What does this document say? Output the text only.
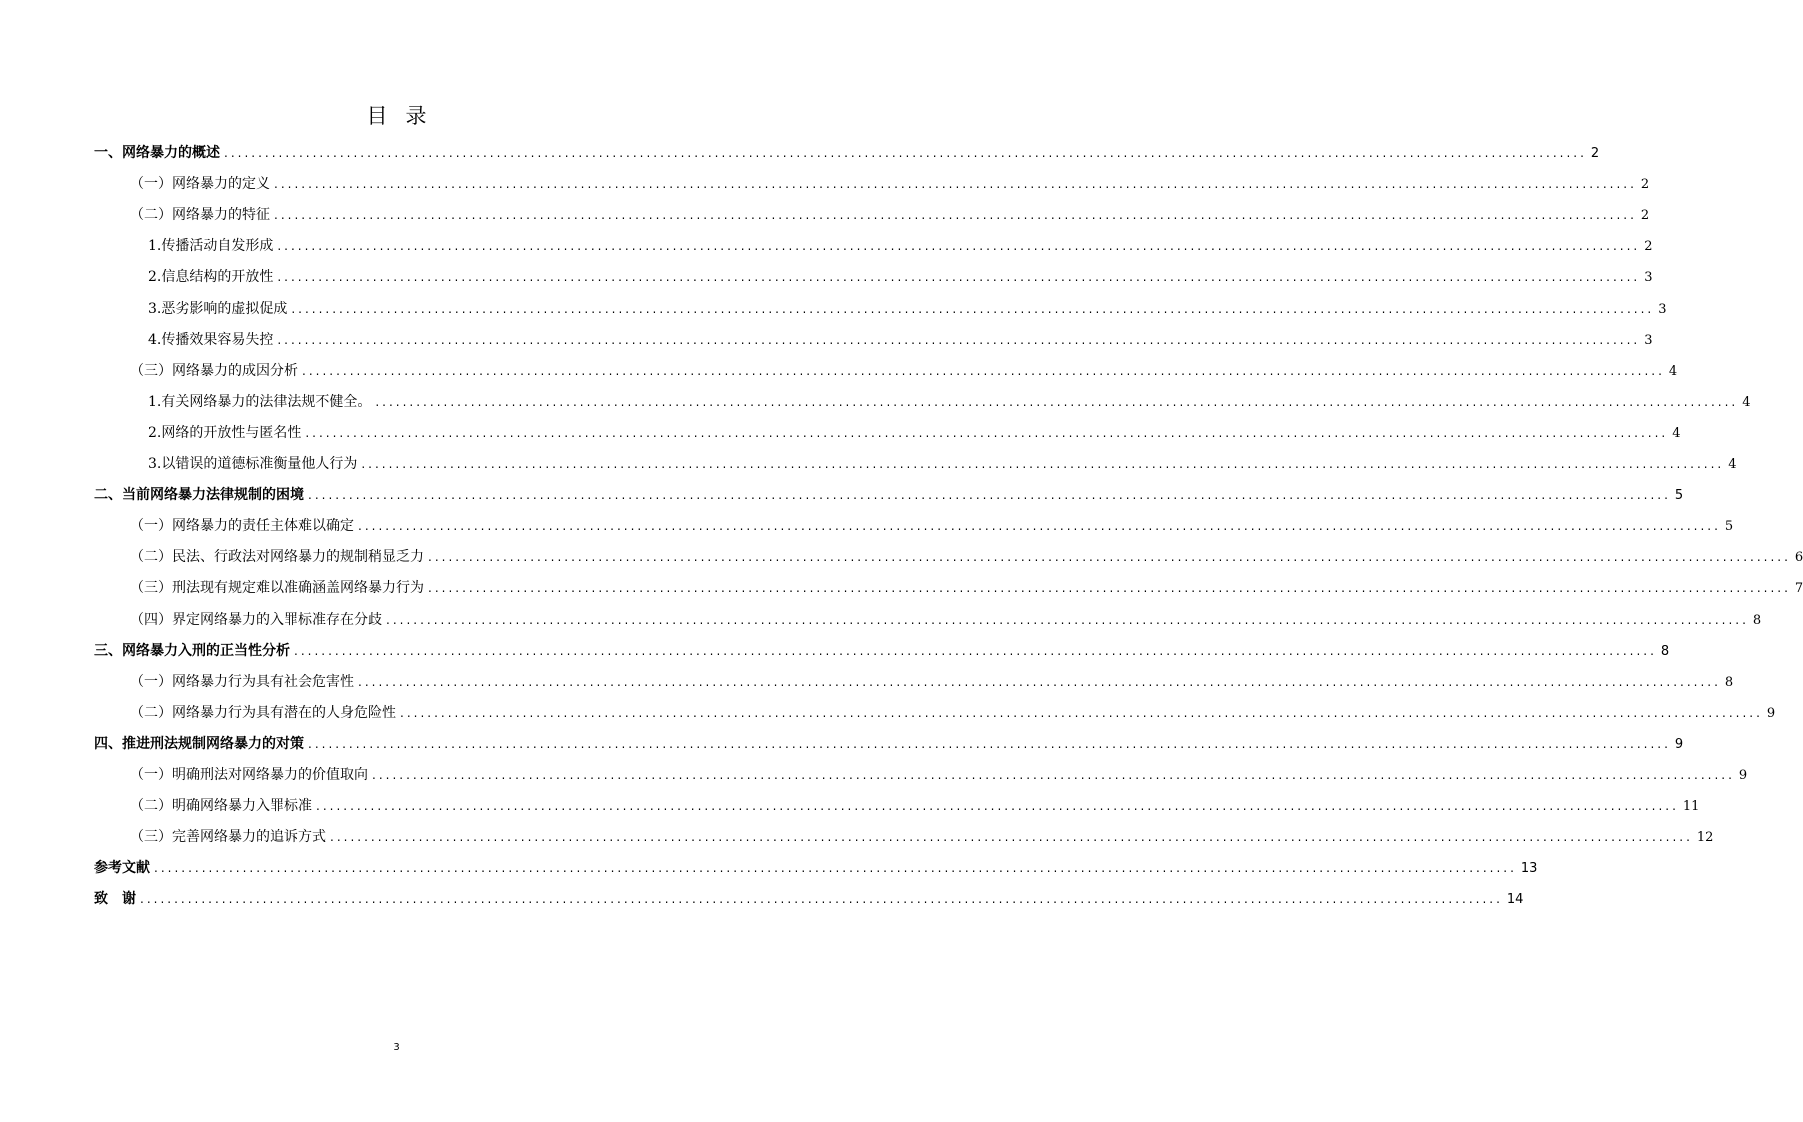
目 录
一、网络暴力的概述 ........................................................................................................................................................................................................ 2
（一）网络暴力的定义 ........................................................................................................................................................................................................ 2
（二）网络暴力的特征 ........................................................................................................................................................................................................ 2
1.传播活动自发形成 ........................................................................................................................................................................................................ 2
2.信息结构的开放性 ........................................................................................................................................................................................................ 3
3.恶劣影响的虚拟促成 ........................................................................................................................................................................................................ 3
4.传播效果容易失控 ........................................................................................................................................................................................................ 3
（三）网络暴力的成因分析 ........................................................................................................................................................................................................ 4
1.有关网络暴力的法律法规不健全。 ........................................................................................................................................................................................................ 4
2.网络的开放性与匿名性 ........................................................................................................................................................................................................ 4
3.以错误的道德标准衡量他人行为 ........................................................................................................................................................................................................ 4
二、当前网络暴力法律规制的困境 ........................................................................................................................................................................................................ 5
（一）网络暴力的责任主体难以确定 ........................................................................................................................................................................................................ 5
（二）民法、行政法对网络暴力的规制稍显乏力 ........................................................................................................................................................................................................ 6
（三）刑法现有规定难以准确涵盖网络暴力行为 ........................................................................................................................................................................................................ 7
（四）界定网络暴力的入罪标准存在分歧 ........................................................................................................................................................................................................ 8
三、网络暴力入刑的正当性分析 ........................................................................................................................................................................................................ 8
（一）网络暴力行为具有社会危害性 ........................................................................................................................................................................................................ 8
（二）网络暴力行为具有潜在的人身危险性 ........................................................................................................................................................................................................ 9
四、推进刑法规制网络暴力的对策 ........................................................................................................................................................................................................ 9
（一）明确刑法对网络暴力的价值取向 ........................................................................................................................................................................................................ 9
（二）明确网络暴力入罪标准 ........................................................................................................................................................................................................ 11
（三）完善网络暴力的追诉方式 ........................................................................................................................................................................................................ 12
参考文献 ........................................................................................................................................................................................................ 13
致　谢 ........................................................................................................................................................................................................ 14
3
